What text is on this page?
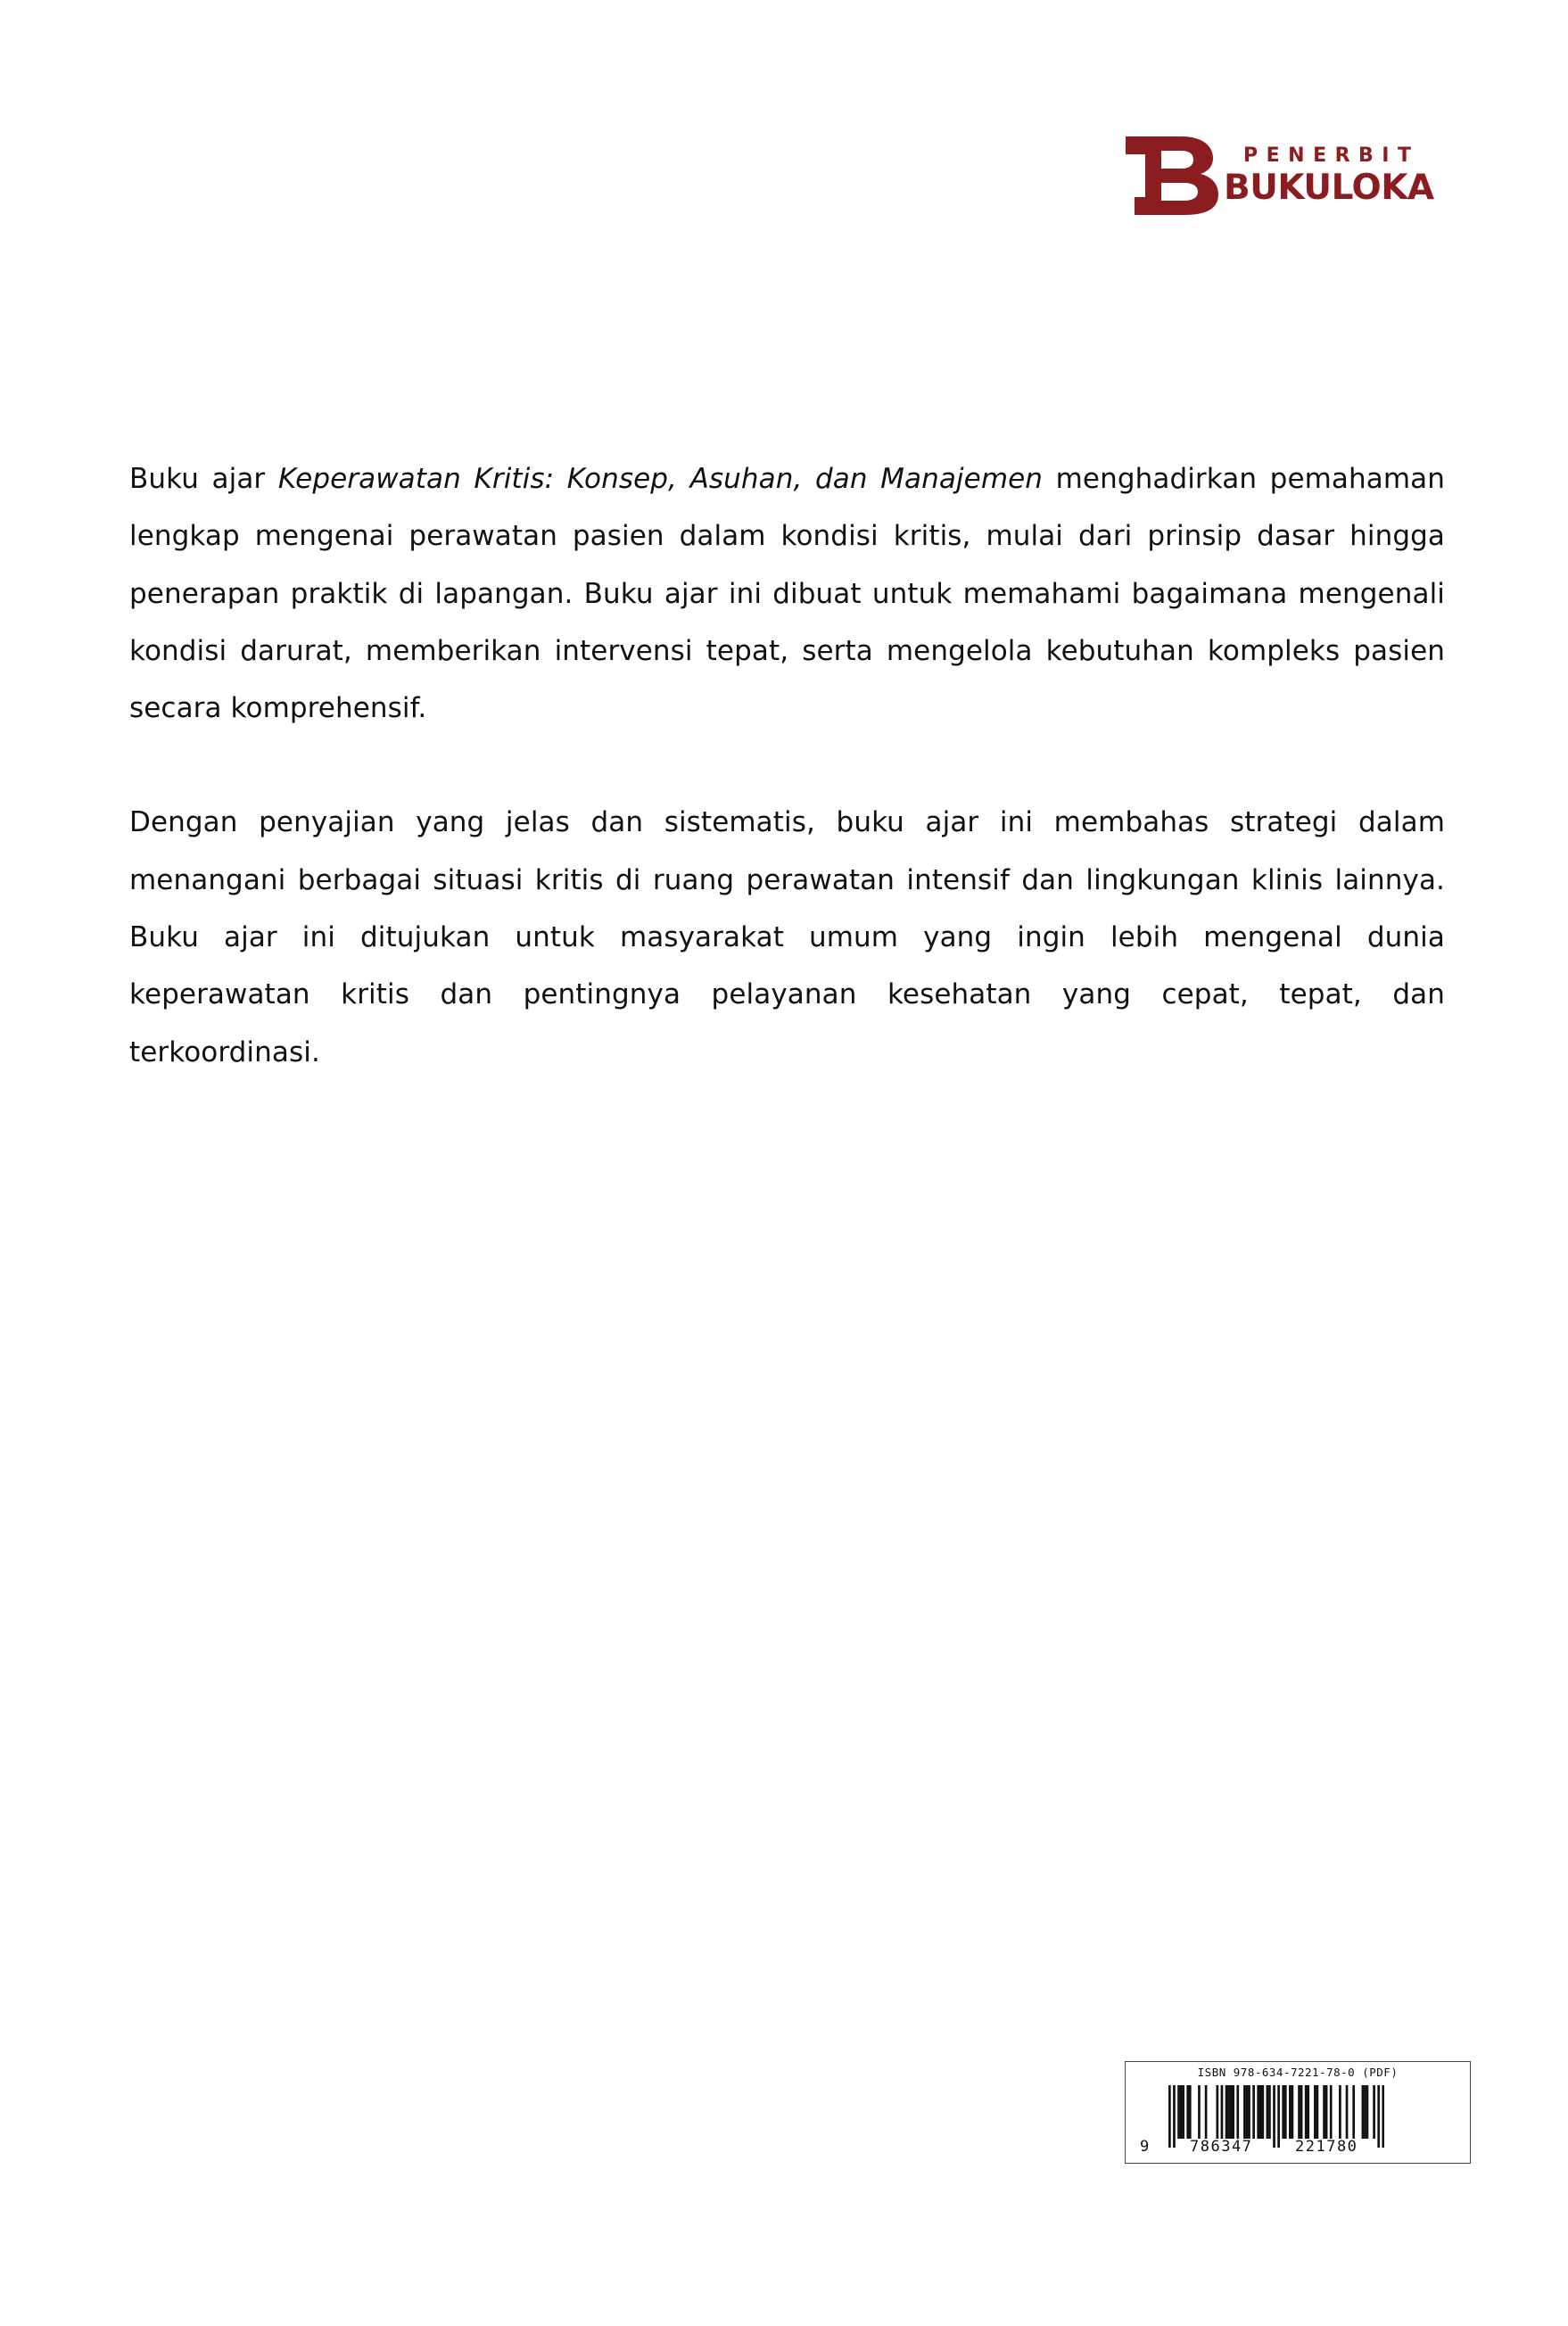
PENERBIT
BUKULOKA

Buku ajar Keperawatan Kritis: Konsep, Asuhan, dan Manajemen menghadirkan pemahaman lengkap mengenai perawatan pasien dalam kondisi kritis, mulai dari prinsip dasar hingga penerapan praktik di lapangan. Buku ajar ini dibuat untuk memahami bagaimana mengenali kondisi darurat, memberikan intervensi tepat, serta mengelola kebutuhan kompleks pasien secara komprehensif.

Dengan penyajian yang jelas dan sistematis, buku ajar ini membahas strategi dalam menangani berbagai situasi kritis di ruang perawatan intensif dan lingkungan klinis lainnya. Buku ajar ini ditujukan untuk masyarakat umum yang ingin lebih mengenal dunia keperawatan kritis dan pentingnya pelayanan kesehatan yang cepat, tepat, dan terkoordinasi.

ISBN 978-634-7221-78-0 (PDF)
9	786347	221780
